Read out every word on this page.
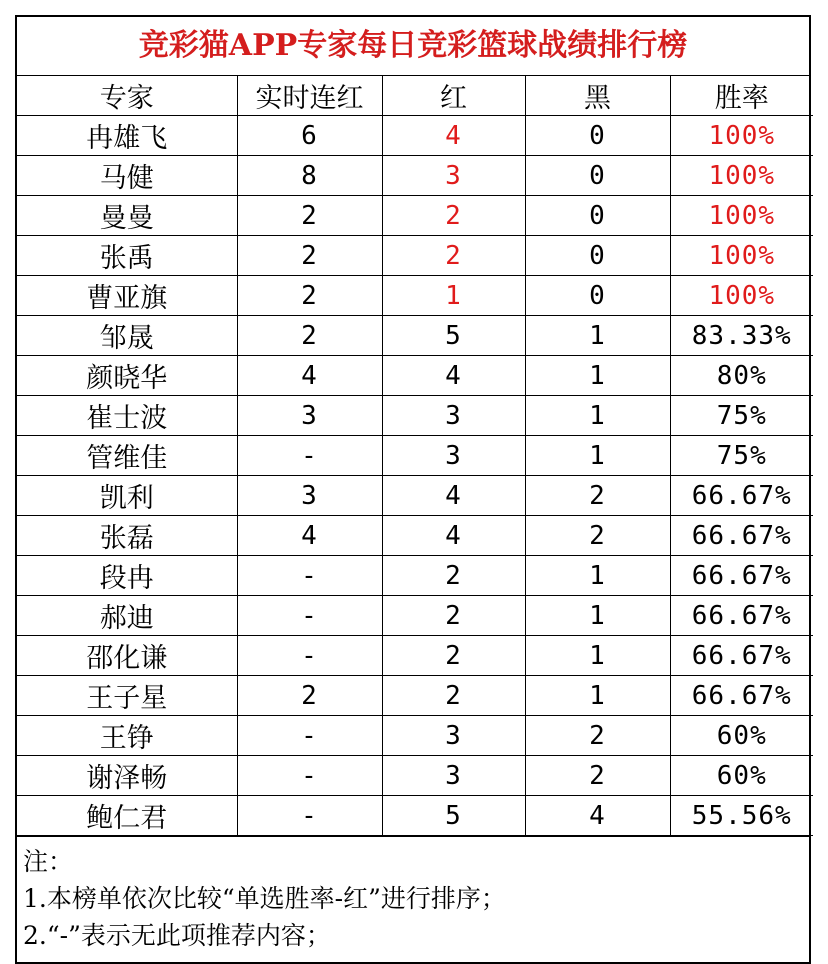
竞彩猫APP专家每日竞彩篮球战绩排行榜
专家	实时连红	红	黑	胜率
冉雄飞	6	4	0	100%
马健	8	3	0	100%
曼曼	2	2	0	100%
张禹	2	2	0	100%
曹亚旗	2	1	0	100%
邹晟	2	5	1	83.33%
颜晓华	4	4	1	80%
崔士波	3	3	1	75%
管维佳	-	3	1	75%
凯利	3	4	2	66.67%
张磊	4	4	2	66.67%
段冉	-	2	1	66.67%
郝迪	-	2	1	66.67%
邵化谦	-	2	1	66.67%
王子星	2	2	1	66.67%
王铮	-	3	2	60%
谢泽畅	-	3	2	60%
鲍仁君	-	5	4	55.56%
注：
1.本榜单依次比较“单选胜率-红”进行排序；
2.“-”表示无此项推荐内容；
